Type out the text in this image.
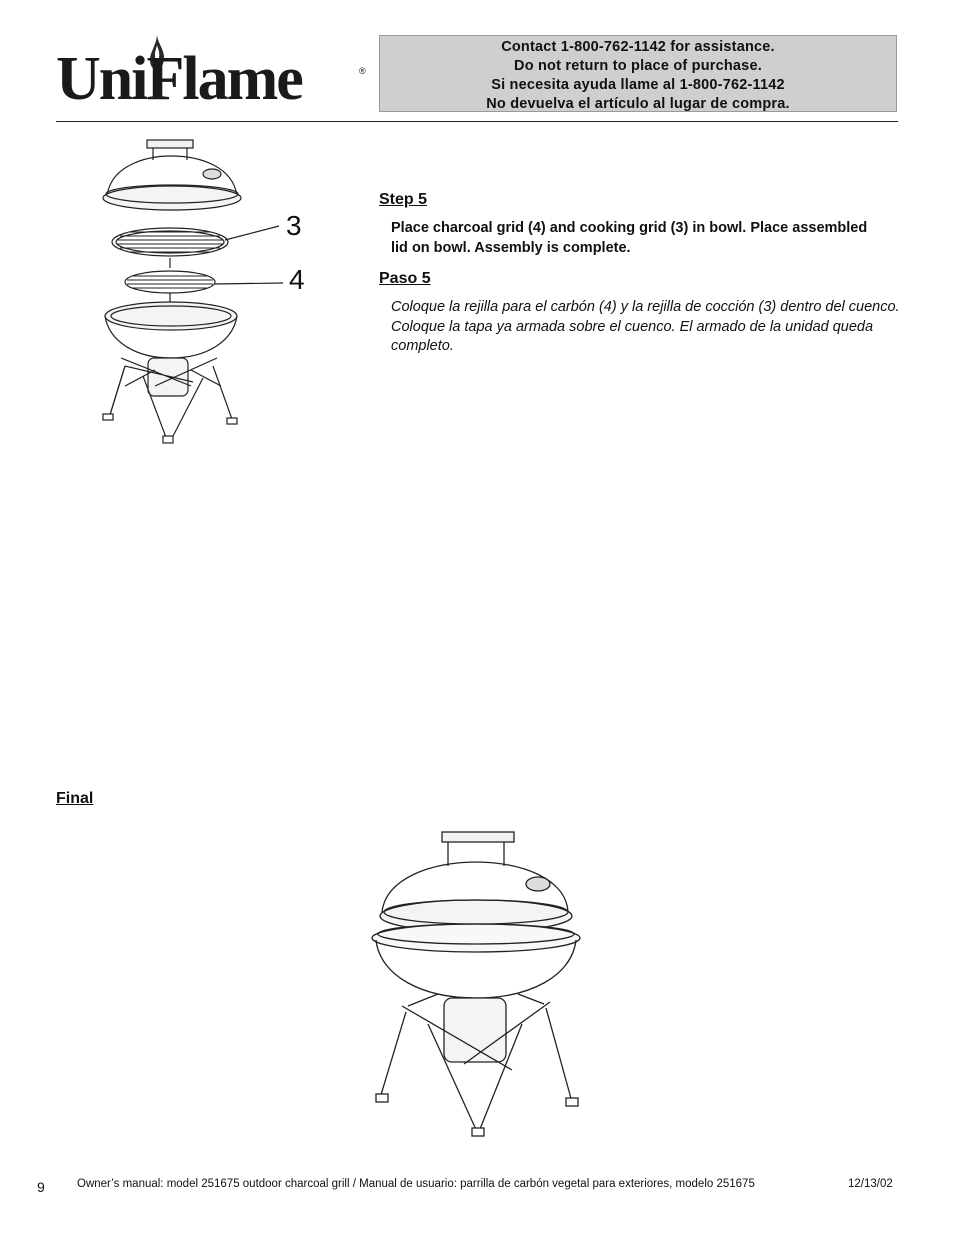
UniFlame	®
Contact 1-800-762-1142 for assistance.
Do not return to place of purchase.
Si necesita ayuda llame al 1-800-762-1142
No devuelva el artículo al lugar de compra.
3
4
Step 5
Place charcoal grid (4) and cooking grid (3) in bowl. Place assembled lid on bowl. Assembly is complete.
Paso 5
Coloque la rejilla para el carbón (4) y la rejilla de cocción (3) dentro del cuenco. Coloque la tapa ya armada sobre el cuenco. El armado de la unidad queda completo.
Final
9	Owner’s manual: model 251675 outdoor charcoal grill / Manual de usuario: parrilla de carbón vegetal para exteriores, modelo 251675	12/13/02
